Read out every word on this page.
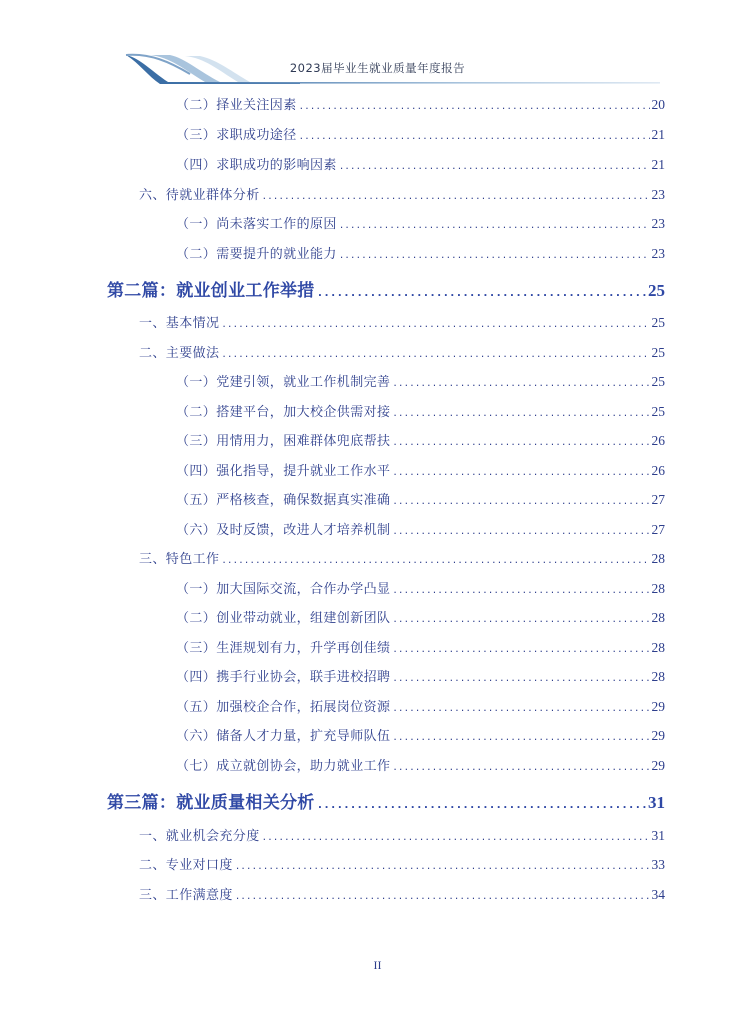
2023届毕业生就业质量年度报告
（二）择业关注因素 .....	20
（三）求职成功途径 .....	21
（四）求职成功的影响因素 .....	21
六、待就业群体分析 .....	23
（一）尚未落实工作的原因 .....	23
（二）需要提升的就业能力 .....	23
第二篇：就业创业工作举措 .....	25
一、基本情况 .....	25
二、主要做法 .....	25
（一）党建引领，就业工作机制完善 .....	25
（二）搭建平台，加大校企供需对接 .....	25
（三）用情用力，困难群体兜底帮扶 .....	26
（四）强化指导，提升就业工作水平 .....	26
（五）严格核查，确保数据真实准确 .....	27
（六）及时反馈，改进人才培养机制 .....	27
三、特色工作 .....	28
（一）加大国际交流，合作办学凸显 .....	28
（二）创业带动就业，组建创新团队 .....	28
（三）生涯规划有力，升学再创佳绩 .....	28
（四）携手行业协会，联手进校招聘 .....	28
（五）加强校企合作，拓展岗位资源 .....	29
（六）储备人才力量，扩充导师队伍 .....	29
（七）成立就创协会，助力就业工作 .....	29
第三篇：就业质量相关分析 .....	31
一、就业机会充分度 .....	31
二、专业对口度 .....	33
三、工作满意度 .....	34
II
